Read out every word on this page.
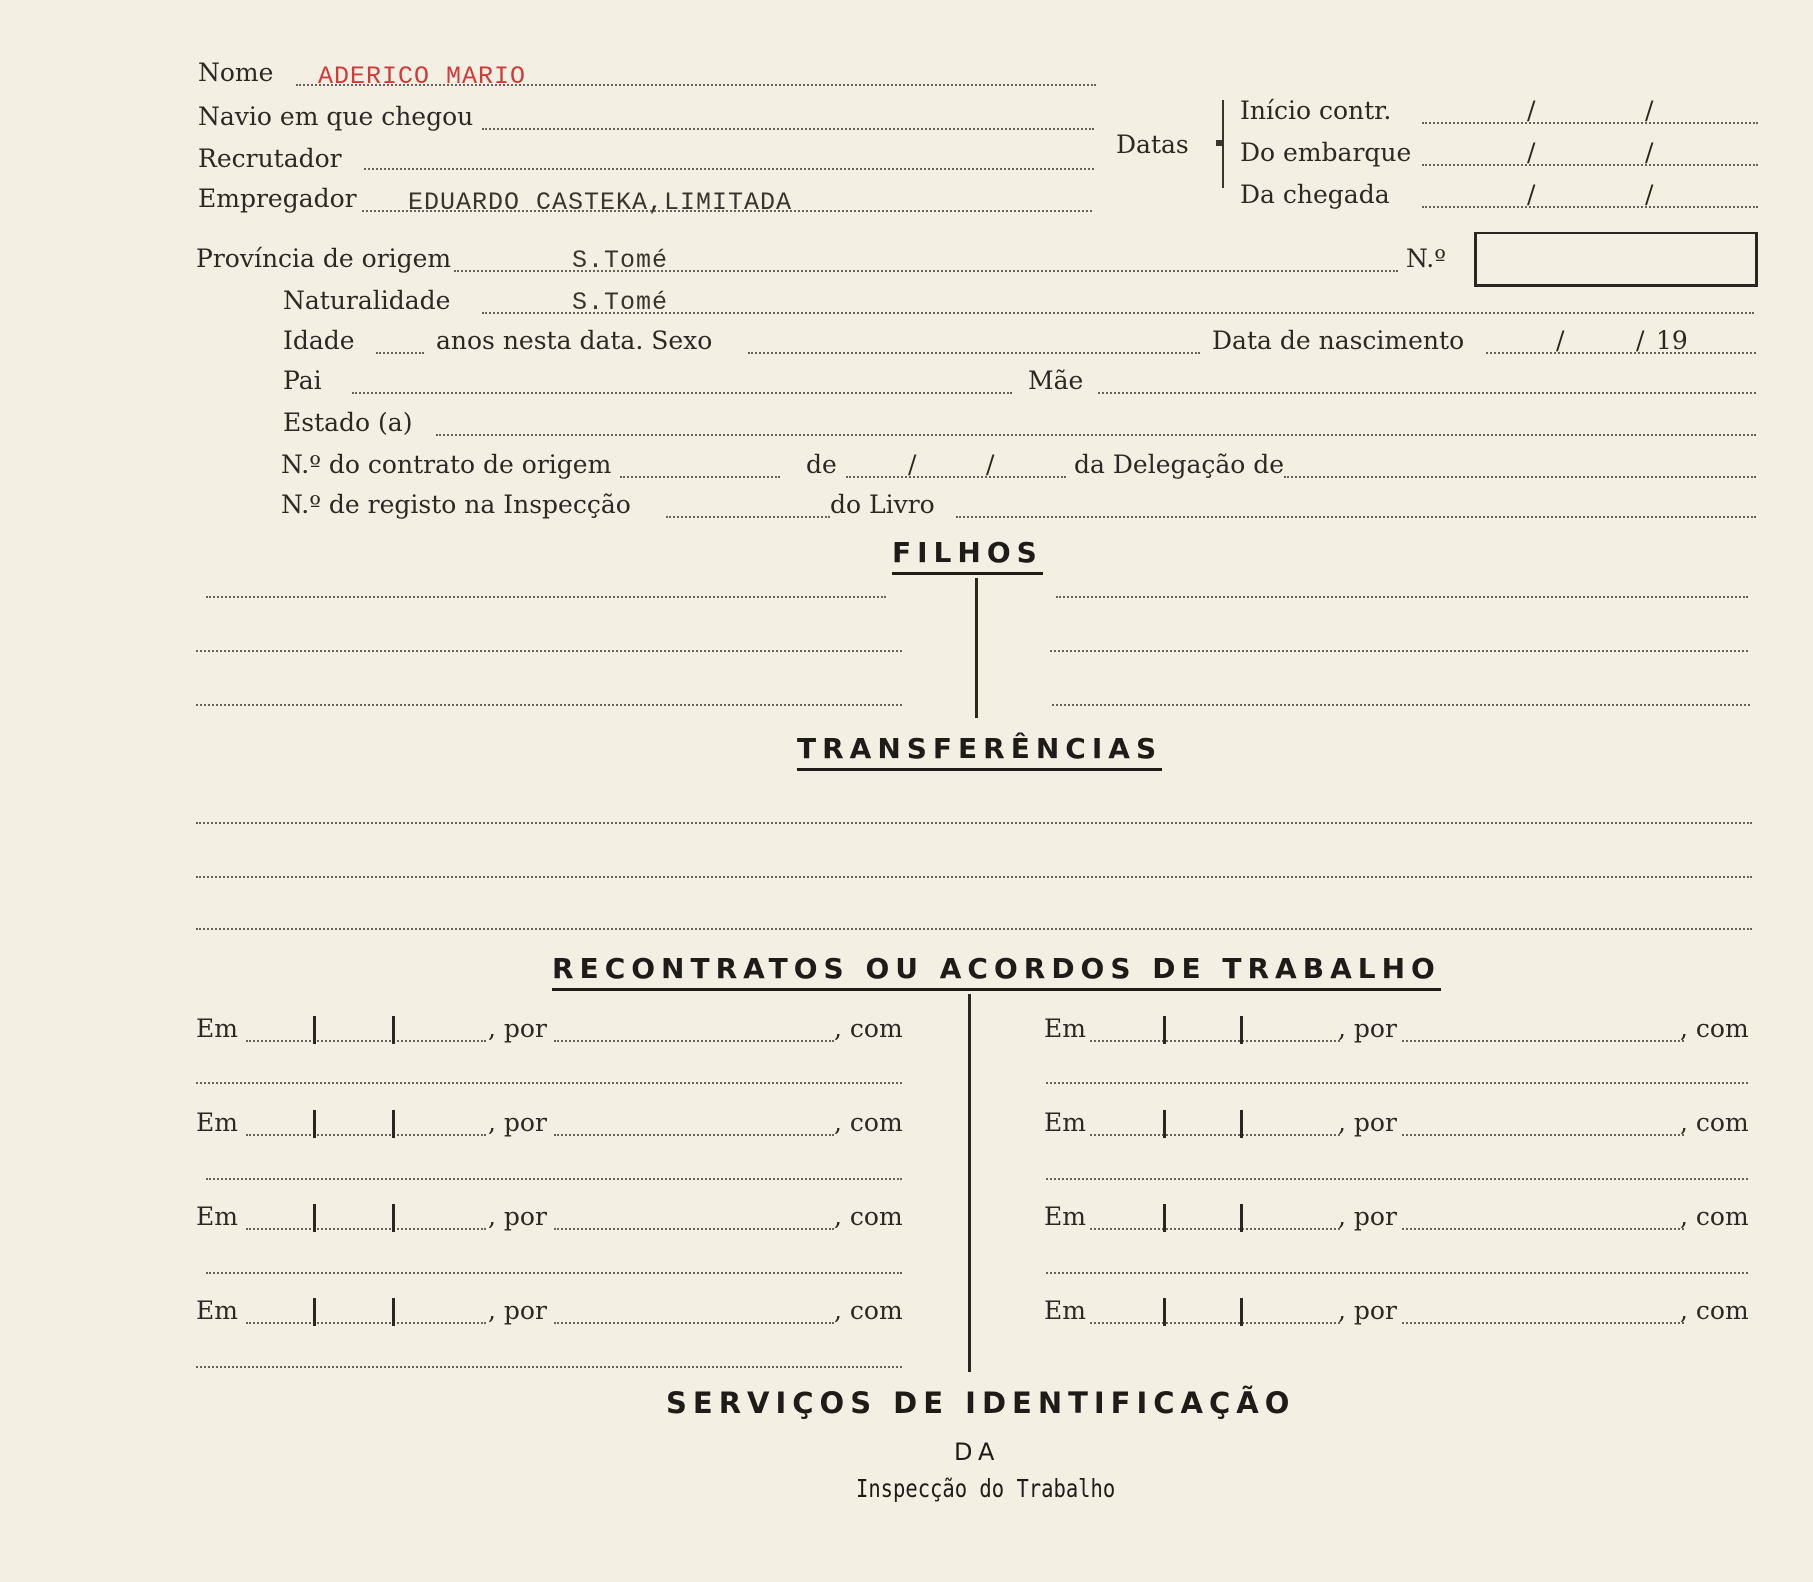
Nome ADERICO MARIO
Navio em que chegou
Recrutador
Empregador EDUARDO CASTEKA,LIMITADA
Datas
Início contr.	/	/
Do embarque	/	/
Da chegada	/	/
Província de origem	S.Tomé	N.º
Naturalidade	S.Tomé
Idade	anos nesta data. Sexo	Data de nascimento	/	/ 19
Pai	Mãe
Estado (a)
N.º do contrato de origem	de	/	/	da Delegação de
N.º de registo na Inspecção	do Livro
FILHOS
TRANSFERÊNCIAS
RECONTRATOS OU ACORDOS DE TRABALHO
Em	, por	, com
Em	, por	, com
Em	, por	, com
Em	, por	, com
Em	, por	, com
Em	, por	, com
Em	, por	, com
Em	, por	, com
SERVIÇOS DE IDENTIFICAÇÃO
DA
Inspecção do Trabalho
